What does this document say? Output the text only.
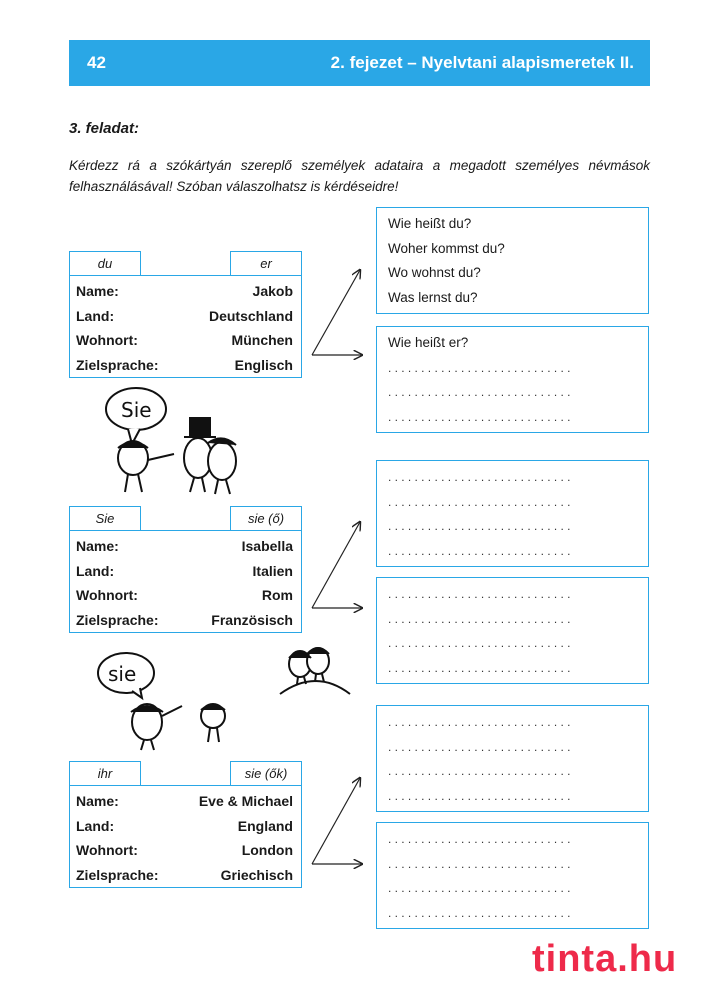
42	2. fejezet – Nyelvtani alapismeretek II.
3. feladat:
Kérdezz rá a szókártyán szereplő személyek adataira a megadott személyes névmások felhasználásával! Szóban válaszolhatsz is kérdéseidre!
du	er
Name:	Jakob
Land:	Deutschland
Wohnort:	München
Zielsprache:	Englisch
Sie	sie (ő)
Name:	Isabella
Land:	Italien
Wohnort:	Rom
Zielsprache:	Französisch
ihr	sie (ők)
Name:	Eve & Michael
Land:	England
Wohnort:	London
Zielsprache:	Griechisch
Wie heißt du?
Woher kommst du?
Wo wohnst du?
Was lernst du?
Wie heißt er?
............................
............................
............................
............................
............................
............................
............................
............................
............................
............................
............................
............................
............................
............................
............................
............................
............................
............................
............................
Sie
sie
tinta.hu
